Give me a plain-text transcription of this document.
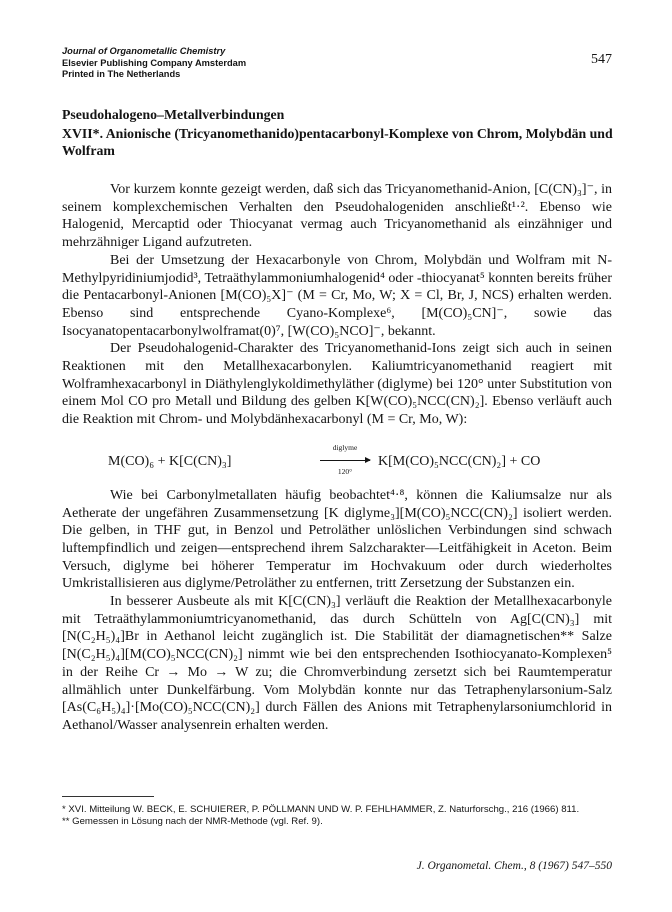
Journal of Organometallic Chemistry
Elsevier Publishing Company Amsterdam
Printed in The Netherlands
547
Pseudohalogeno–Metallverbindungen
XVII*. Anionische (Tricyanomethanido)pentacarbonyl-Komplexe von Chrom, Molybdän und Wolfram

Vor kurzem konnte gezeigt werden, daß sich das Tricyanomethanid-Anion, [C(CN)₃]⁻, in seinem komplexchemischen Verhalten den Pseudohalogeniden anschließt¹·². Ebenso wie Halogenid, Mercaptid oder Thiocyanat vermag auch Tricyanomethanid als einzähniger und mehrzähniger Ligand aufzutreten.

Bei der Umsetzung der Hexacarbonyle von Chrom, Molybdän und Wolfram mit N-Methylpyridiniumjodid³, Tetraäthylammoniumhalogenid⁴ oder -thiocyanat⁵ konnten bereits früher die Pentacarbonyl-Anionen [M(CO)₅X]⁻ (M = Cr, Mo, W; X = Cl, Br, J, NCS) erhalten werden. Ebenso sind entsprechende Cyano-Komplexe⁶, [M(CO)₅CN]⁻, sowie das Isocyanatopentacarbonylwolframat(0)⁷, [W(CO)₅NCO]⁻, bekannt.

Der Pseudohalogenid-Charakter des Tricyanomethanid-Ions zeigt sich auch in seinen Reaktionen mit den Metallhexacarbonylen. Kaliumtricyanomethanid reagiert mit Wolframhexacarbonyl in Diäthylenglykoldimethyläther (diglyme) bei 120° unter Substitution von einem Mol CO pro Metall und Bildung des gelben K[W(CO)₅NCC(CN)₂]. Ebenso verläuft auch die Reaktion mit Chrom- und Molybdänhexacarbonyl (M = Cr, Mo, W):

M(CO)₆ + K[C(CN)₃]
diglyme
120°
K[M(CO)₅NCC(CN)₂] + CO

Wie bei Carbonylmetallaten häufig beobachtet⁴·⁸, können die Kaliumsalze nur als Aetherate der ungefähren Zusammensetzung [K diglyme₃][M(CO)₅NCC(CN)₂] isoliert werden. Die gelben, in THF gut, in Benzol und Petroläther unlöslichen Verbindungen sind schwach luftempfindlich und zeigen—entsprechend ihrem Salzcharakter—Leitfähigkeit in Aceton. Beim Versuch, diglyme bei höherer Temperatur im Hochvakuum oder durch wiederholtes Umkristallisieren aus diglyme/Petroläther zu entfernen, tritt Zersetzung der Substanzen ein.

In besserer Ausbeute als mit K[C(CN)₃] verläuft die Reaktion der Metallhexacarbonyle mit Tetraäthylammoniumtricyanomethanid, das durch Schütteln von Ag[C(CN)₃] mit [N(C₂H₅)₄]Br in Aethanol leicht zugänglich ist. Die Stabilität der diamagnetischen** Salze [N(C₂H₅)₄][M(CO)₅NCC(CN)₂] nimmt wie bei den entsprechenden Isothiocyanato-Komplexen⁵ in der Reihe Cr → Mo → W zu; die Chromverbindung zersetzt sich bei Raumtemperatur allmählich unter Dunkelfärbung. Vom Molybdän konnte nur das Tetraphenylarsonium-Salz [As(C₆H₅)₄]·[Mo(CO)₅NCC(CN)₂] durch Fällen des Anions mit Tetraphenylarsoniumchlorid in Aethanol/Wasser analysenrein erhalten werden.

* XVI. Mitteilung W. BECK, E. SCHUIERER, P. PÖLLMANN UND W. P. FEHLHAMMER, Z. Naturforschg., 216 (1966) 811.
** Gemessen in Lösung nach der NMR-Methode (vgl. Ref. 9).
J. Organometal. Chem., 8 (1967) 547–550
